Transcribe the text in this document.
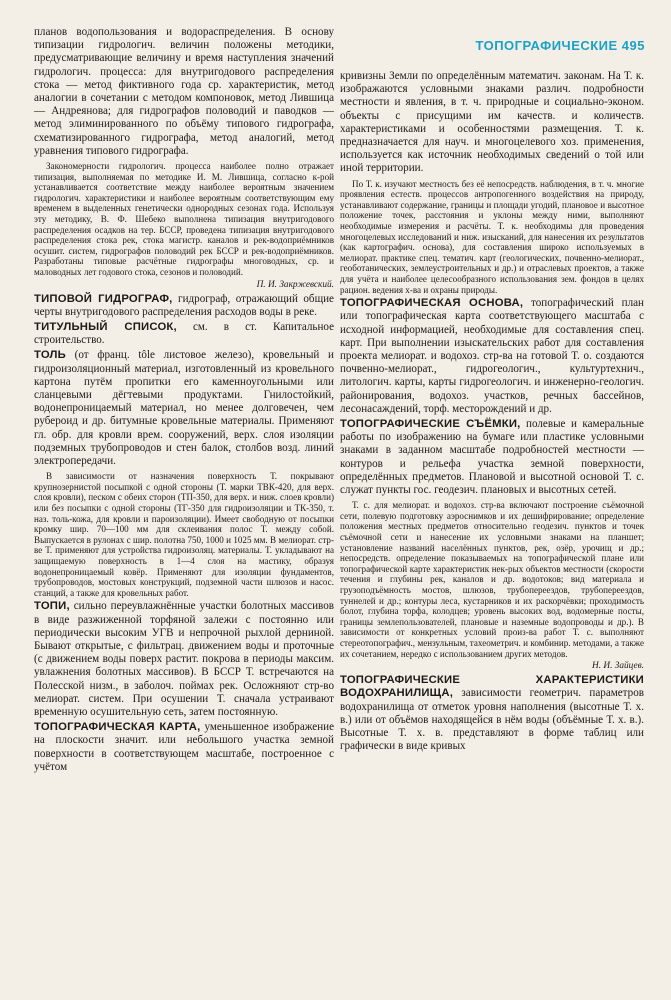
ТОПОГРАФИЧЕСКИЕ 495

планов водопользования и водораспределения. В основу типизации гидрологич. величин положены методики, предусматривающие величину и время наступления значений гидрологич. процесса: для внутригодового распределения стока — метод фиктивного года ср. характеристик, метод аналогии в сочетании с методом компоновок, метод Лившица — Андреянова; для гидрографов половодий и паводков — метод элиминированного по объёму типового гидрографа, схематизированного гидрографа, метод аналогий, метод уравнения типового гидрографа.

Закономерности гидрологич. процесса наиболее полно отражает типизация, выполняемая по методике И. М. Лившица, согласно к-рой устанавливается соответствие между наиболее вероятным значением гидрологич. характеристики и наиболее вероятным соответствующим ему временем в выделенных генетически однородных сезонах года. Используя эту методику, В. Ф. Шебеко выполнена типизация внутригодового распределения осадков на тер. БССР, проведена типизация внутригодового распределения стока рек, стока магистр. каналов и рек-водоприёмников осушит. систем, гидрографов половодий рек БССР и рек-водоприёмников. Разработаны типовые расчётные гидрографы многоводных, ср. и маловодных лет годового стока, сезонов и половодий.

П. И. Закржевский.

ТИПОВОЙ ГИДРОГРАФ, гидрограф, отражающий общие черты внутригодового распределения расходов воды в реке.

ТИТУЛЬНЫЙ СПИСОК, см. в ст. Капитальное строительство.

ТОЛЬ (от франц. tôle листовое железо), кровельный и гидроизоляционный материал, изготовленный из кровельного картона путём пропитки его каменноугольными или сланцевыми дёгтевыми продуктами. Гнилостойкий, водонепроницаемый материал, но менее долговечен, чем рубероид и др. битумные кровельные материалы. Применяют гл. обр. для кровли врем. сооружений, верх. слоя изоляции подземных трубопроводов и стен балок, столбов возд. линий электропередачи.

В зависимости от назначения поверхность Т. покрывают крупнозернистой посыпкой с одной стороны (Т. марки ТВК-420, для верх. слоя кровли), песком с обеих сторон (ТП-350, для верх. и ниж. слоев кровли) или без посыпки с одной стороны (ТГ-350 для гидроизоляции и ТК-350, т. наз. толь-кожа, для кровли и пароизоляции). Имеет свободную от посыпки кромку шир. 70—100 мм для склеивания полос Т. между собой. Выпускается в рулонах с шир. полотна 750, 1000 и 1025 мм. В мелиорат. стр-ве Т. применяют для устройства гидроизоляц. материалы. Т. укладывают на защищаемую поверхность в 1—4 слоя на мастику, образуя водонепроницаемый ковёр. Применяют для изоляции фундаментов, трубопроводов, мостовых конструкций, подземной части шлюзов и насос. станций, а также для кровельных работ.

ТОПИ, сильно переувлажнённые участки болотных массивов в виде разжиженной торфяной залежи с постоянно или периодически высоким УГВ и непрочной рыхлой дерниной. Бывают открытые, с фильтрац. движением воды и проточные (с движением воды поверх растит. покрова в периоды максим. увлажнения болотных массивов). В БССР Т. встречаются на Полесской низм., в заболоч. поймах рек. Осложняют стр-во мелиорат. систем. При осушении Т. сначала устраивают временную осушительную сеть, затем постоянную.

ТОПОГРАФИЧЕСКАЯ КАРТА, уменьшенное изображение на плоскости значит. или небольшого участка земной поверхности в соответствующем масштабе, построенное с учётом

кривизны Земли по определённым математич. законам. На Т. к. изображаются условными знаками различ. подробности местности и явления, в т. ч. природные и социально-эконом. объекты с присущими им качеств. и количеств. характеристиками и особенностями размещения. Т. к. предназначается для науч. и многоцелевого хоз. применения, используется как источник необходимых сведений о той или иной территории.

По Т. к. изучают местность без её непосредств. наблюдения, в т. ч. многие проявления естеств. процессов антропогенного воздействия на природу, устанавливают содержание, границы и площади угодий, плановое и высотное положение точек, расстояния и уклоны между ними, выполняют необходимые измерения и расчёты. Т. к. необходимы для проведения многоцелевых исследований и ниж. изысканий, для нанесения их результатов (как картографич. основа), для составления широко используемых в мелиорат. практике спец. тематич. карт (геологических, почвенно-мелиорат., геоботанических, землеустроительных и др.) и отраслевых проектов, а также для учёта и наиболее целесообразного использования зем. фондов в целях рацион. ведения х-ва и охраны природы.

ТОПОГРАФИЧЕСКАЯ ОСНОВА, топографический план или топографическая карта соответствующего масштаба с исходной информацией, необходимые для составления спец. карт. При выполнении изыскательских работ для составления проекта мелиорат. и водохоз. стр-ва на готовой Т. о. создаются почвенно-мелиорат., гидрогеологич., культуртехнич., литологич. карты, карты гидрогеологич. и инженерно-геологич. районирования, водохоз. участков, речных бассейнов, лесонасаждений, торф. месторождений и др.

ТОПОГРАФИЧЕСКИЕ СЪЁМКИ, полевые и камеральные работы по изображению на бумаге или пластике условными знаками в заданном масштабе подробностей местности — контуров и рельефа участка земной поверхности, определённых предметов. Плановой и высотной основой Т. с. служат пункты гос. геодезич. плановых и высотных сетей.

Т. с. для мелиорат. и водохоз. стр-ва включают построение съёмочной сети, полевую подготовку аэроснимков и их дешифрирование; определение положения местных предметов относительно геодезич. пунктов и точек съёмочной сети и нанесение их условными знаками на планшет; установление названий населённых пунктов, рек, озёр, урочищ и др.; непосредств. определение показываемых на топографической плане или топографической карте характеристик нек-рых объектов местности (скорости течения и глубины рек, каналов и др. водотоков; вид материала и грузоподъёмность мостов, шлюзов, трубопереездов, трубопереездов, туннелей и др.; контуры леса, кустарников и их раскорчёвки; проходимость болот, глубина торфа, колодцев; уровень высоких вод, водомерные посты, границы землепользователей, плановые и наземные водопроводы и др.). В зависимости от конкретных условий произ-ва работ Т. с. выполняют стереотопографич., мензульным, тахеометрич. и комбинир. методами, а также их сочетанием, нередко с использованием других методов.

Н. И. Зайцев.

ТОПОГРАФИЧЕСКИЕ ХАРАКТЕРИСТИКИ ВОДОХРАНИЛИЩА, зависимости геометрич. параметров водохранилища от отметок уровня наполнения (высотные Т. х. в.) или от объёмов находящейся в нём воды (объёмные Т. х. в.). Высотные Т. х. в. представляют в форме таблиц или графически в виде кривых
